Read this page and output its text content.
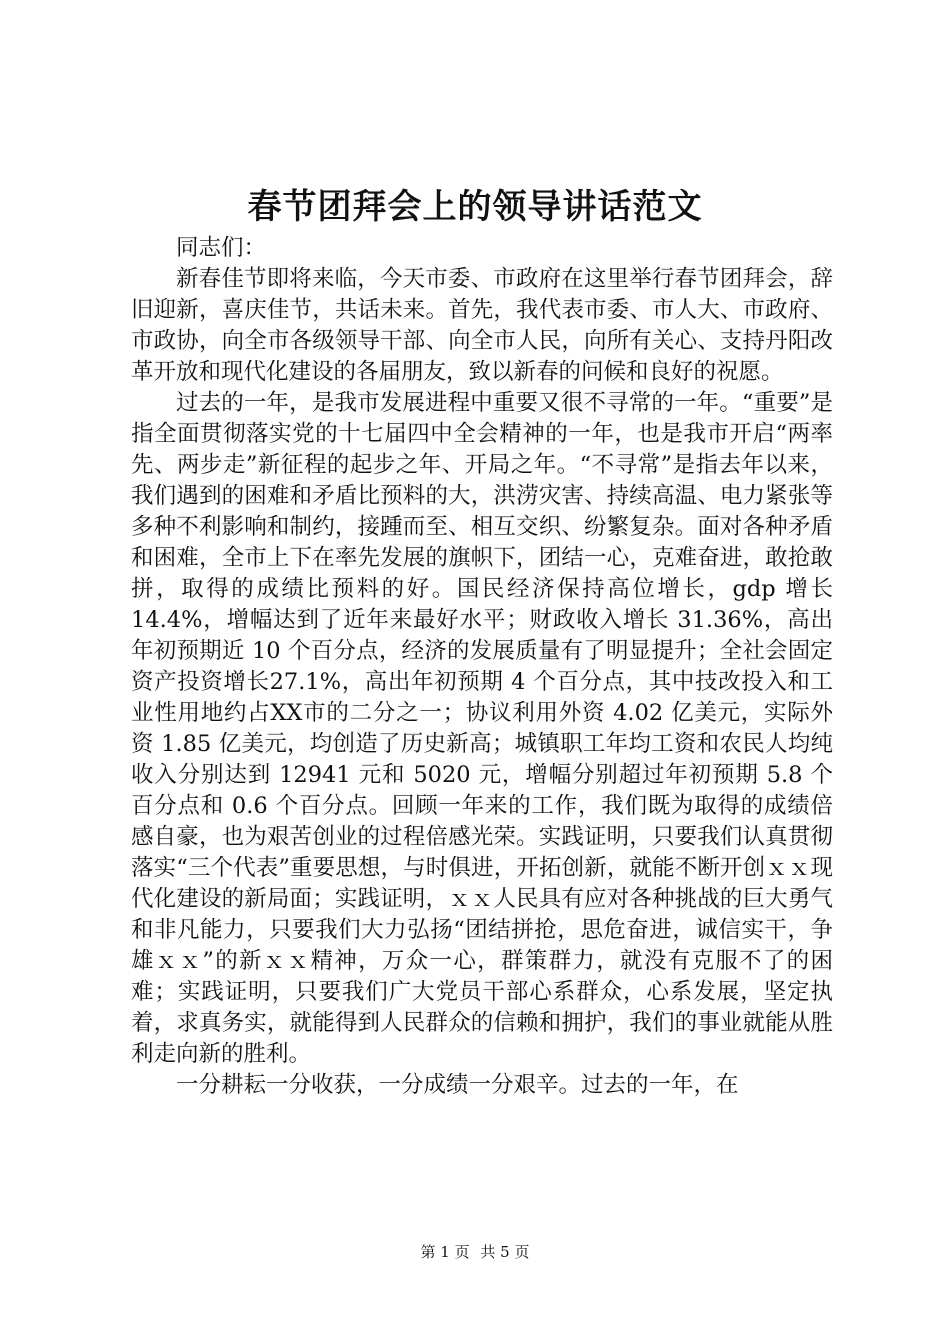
春节团拜会上的领导讲话范文

同志们：

新春佳节即将来临，今天市委、市政府在这里举行春节团拜会，辞旧迎新，喜庆佳节，共话未来。首先，我代表市委、市人大、市政府、市政协，向全市各级领导干部、向全市人民，向所有关心、支持丹阳改革开放和现代化建设的各届朋友，致以新春的问候和良好的祝愿。

过去的一年，是我市发展进程中重要又很不寻常的一年。“重要”是指全面贯彻落实党的十七届四中全会精神的一年，也是我市开启“两率先、两步走”新征程的起步之年、开局之年。“不寻常”是指去年以来，我们遇到的困难和矛盾比预料的大，洪涝灾害、持续高温、电力紧张等多种不利影响和制约，接踵而至、相互交织、纷繁复杂。面对各种矛盾和困难，全市上下在率先发展的旗帜下，团结一心，克难奋进，敢抢敢拼，取得的成绩比预料的好。国民经济保持高位增长，gdp 增长 14.4%，增幅达到了近年来最好水平；财政收入增长 31.36%，高出年初预期近 10 个百分点，经济的发展质量有了明显提升；全社会固定资产投资增长27.1%，高出年初预期 4 个百分点，其中技改投入和工业性用地约占XX市的二分之一；协议利用外资 4.02 亿美元，实际外资 1.85 亿美元，均创造了历史新高；城镇职工年均工资和农民人均纯收入分别达到 12941 元和 5020 元，增幅分别超过年初预期 5.8 个百分点和 0.6 个百分点。回顾一年来的工作，我们既为取得的成绩倍感自豪，也为艰苦创业的过程倍感光荣。实践证明，只要我们认真贯彻落实“三个代表”重要思想，与时俱进，开拓创新，就能不断开创ｘｘ现代化建设的新局面；实践证明，ｘｘ人民具有应对各种挑战的巨大勇气和非凡能力，只要我们大力弘扬“团结拼抢，思危奋进，诚信实干，争雄ｘｘ”的新ｘｘ精神，万众一心，群策群力，就没有克服不了的困难；实践证明，只要我们广大党员干部心系群众，心系发展，坚定执着，求真务实，就能得到人民群众的信赖和拥护，我们的事业就能从胜利走向新的胜利。

一分耕耘一分收获，一分成绩一分艰辛。过去的一年，在

第 1 页 共 5 页
